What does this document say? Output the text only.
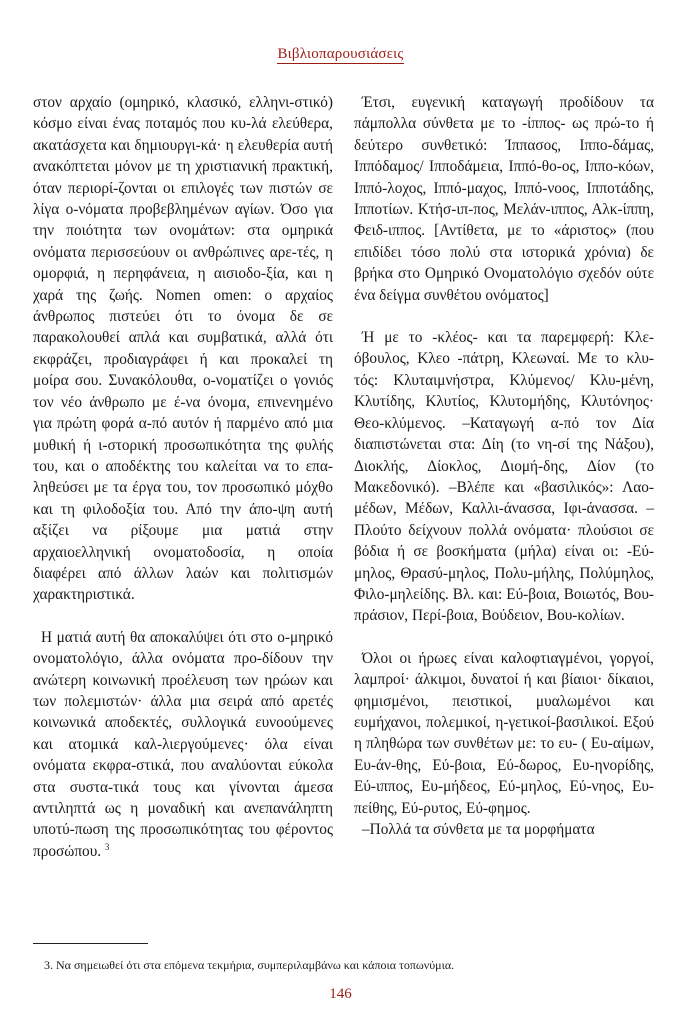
Βιβλιοπαρουσιάσεις

στον αρχαίο (ομηρικό, κλασικό, ελληνι-στικό) κόσμο είναι ένας ποταμός που κυ-λά ελεύθερα, ακατάσχετα και δημιουργι-κά· η ελευθερία αυτή ανακόπτεται μόνον με τη χριστιανική πρακτική, όταν περιορί-ζονται οι επιλογές των πιστών σε λίγα ο-νόματα προβεβλημένων αγίων. Όσο για την ποιότητα των ονομάτων: στα ομηρικά ονόματα περισσεύουν οι ανθρώπινες αρε-τές, η ομορφιά, η περηφάνεια, η αισιοδο-ξία, και η χαρά της ζωής. Nomen omen: ο αρχαίος άνθρωπος πιστεύει ότι το όνομα δε σε παρακολουθεί απλά και συμβατικά, αλλά ότι εκφράζει, προδιαγράφει ή και προκαλεί τη μοίρα σου. Συνακόλουθα, ο-νοματίζει ο γονιός τον νέο άνθρωπο με έ-να όνομα, επινενημένο για πρώτη φορά α-πό αυτόν ή παρμένο από μια μυθική ή ι-στορική προσωπικότητα της φυλής του, και ο αποδέκτης του καλείται να το επα-ληθεύσει με τα έργα του, τον προσωπικό μόχθο και τη φιλοδοξία του. Από την άπο-ψη αυτή αξίζει να ρίξουμε μια ματιά στην αρχαιοελληνική ονοματοδοσία, η οποία διαφέρει από άλλων λαών και πολιτισμών χαρακτηριστικά.

Η ματιά αυτή θα αποκαλύψει ότι στο ο-μηρικό ονοματολόγιο, άλλα ονόματα προ-δίδουν την ανώτερη κοινωνική προέλευση των ηρώων και των πολεμιστών· άλλα μια σειρά από αρετές κοινωνικά αποδεκτές, συλλογικά ευνοούμενες και ατομικά καλ-λιεργούμενες· όλα είναι ονόματα εκφρα-στικά, που αναλύονται εύκολα στα συστα-τικά τους και γίνονται άμεσα αντιληπτά ως η μοναδική και ανεπανάληπτη υποτύ-πωση της προσωπικότητας του φέροντος προσώπου. $^3$

Έτσι, ευγενική καταγωγή προδίδουν τα πάμπολλα σύνθετα με το -ίππος- ως πρώ-το ή δεύτερο συνθετικό: Ίππασος, Ιππο-δάμας, Ιππόδαμος/ Ιπποδάμεια, Ιππό-θο-ος, Ιππο-κόων, Ιππό-λοχος, Ιππό-μαχος, Ιππό-νοος, Ιπποτάδης, Ιπποτίων. Κτήσ-ιπ-πος, Μελάν-ιππος, Αλκ-ίππη, Φειδ-ιππος. [Αντίθετα, με το «άριστος» (που επιδίδει τόσο πολύ στα ιστορικά χρόνια) δε βρήκα στο Ομηρικό Ονοματολόγιο σχεδόν ούτε ένα δείγμα συνθέτου ονόματος]

Ή με το -κλέος- και τα παρεμφερή: Κλε-όβουλος, Κλεο -πάτρη, Κλεωναί. Με το κλυ-τός: Κλυταιμνήστρα, Κλύμενος/ Κλυ-μένη, Κλυτίδης, Κλυτίος, Κλυτομήδης, Κλυτόνηος· Θεο-κλύμενος. –Καταγωγή α-πό τον Δία διαπιστώνεται στα: Δίη (το νη-σί της Νάξου), Διοκλής, Δίοκλος, Διομή-δης, Δίον (το Μακεδονικό). –Βλέπε και «βασιλικός»: Λαο-μέδων, Μέδων, Καλλι-άνασσα, Ιφι-άνασσα. –Πλούτο δείχνουν πολλά ονόματα· πλούσιοι σε βόδια ή σε βοσκήματα (μήλα) είναι οι: -Εύ-μηλος, Θρασύ-μηλος, Πολυ-μήλης, Πολύμηλος, Φιλο-μηλείδης. Βλ. και: Εύ-βοια, Βοιωτός, Βου-πράσιον, Περί-βοια, Βούδειον, Βου-κολίων.

Όλοι οι ήρωες είναι καλοφτιαγμένοι, γοργοί, λαμπροί· άλκιμοι, δυνατοί ή και βίαιοι· δίκαιοι, φημισμένοι, πειστικοί, μυαλωμένοι και ευμήχανοι, πολεμικοί, η-γετικοί-βασιλικοί. Εξού η πληθώρα των συνθέτων με: το ευ- ( Ευ-αίμων, Ευ-άν-θης, Εύ-βοια, Εύ-δωρος, Ευ-ηνορίδης, Εύ-ιππος, Ευ-μήδεος, Εύ-μηλος, Εύ-νηος, Ευ-πείθης, Εύ-ρυτος, Εύ-φημος.

–Πολλά τα σύνθετα με τα μορφήματα

3. Να σημειωθεί ότι στα επόμενα τεκμήρια, συμπεριλαμβάνω και κάποια τοπωνύμια.
146
